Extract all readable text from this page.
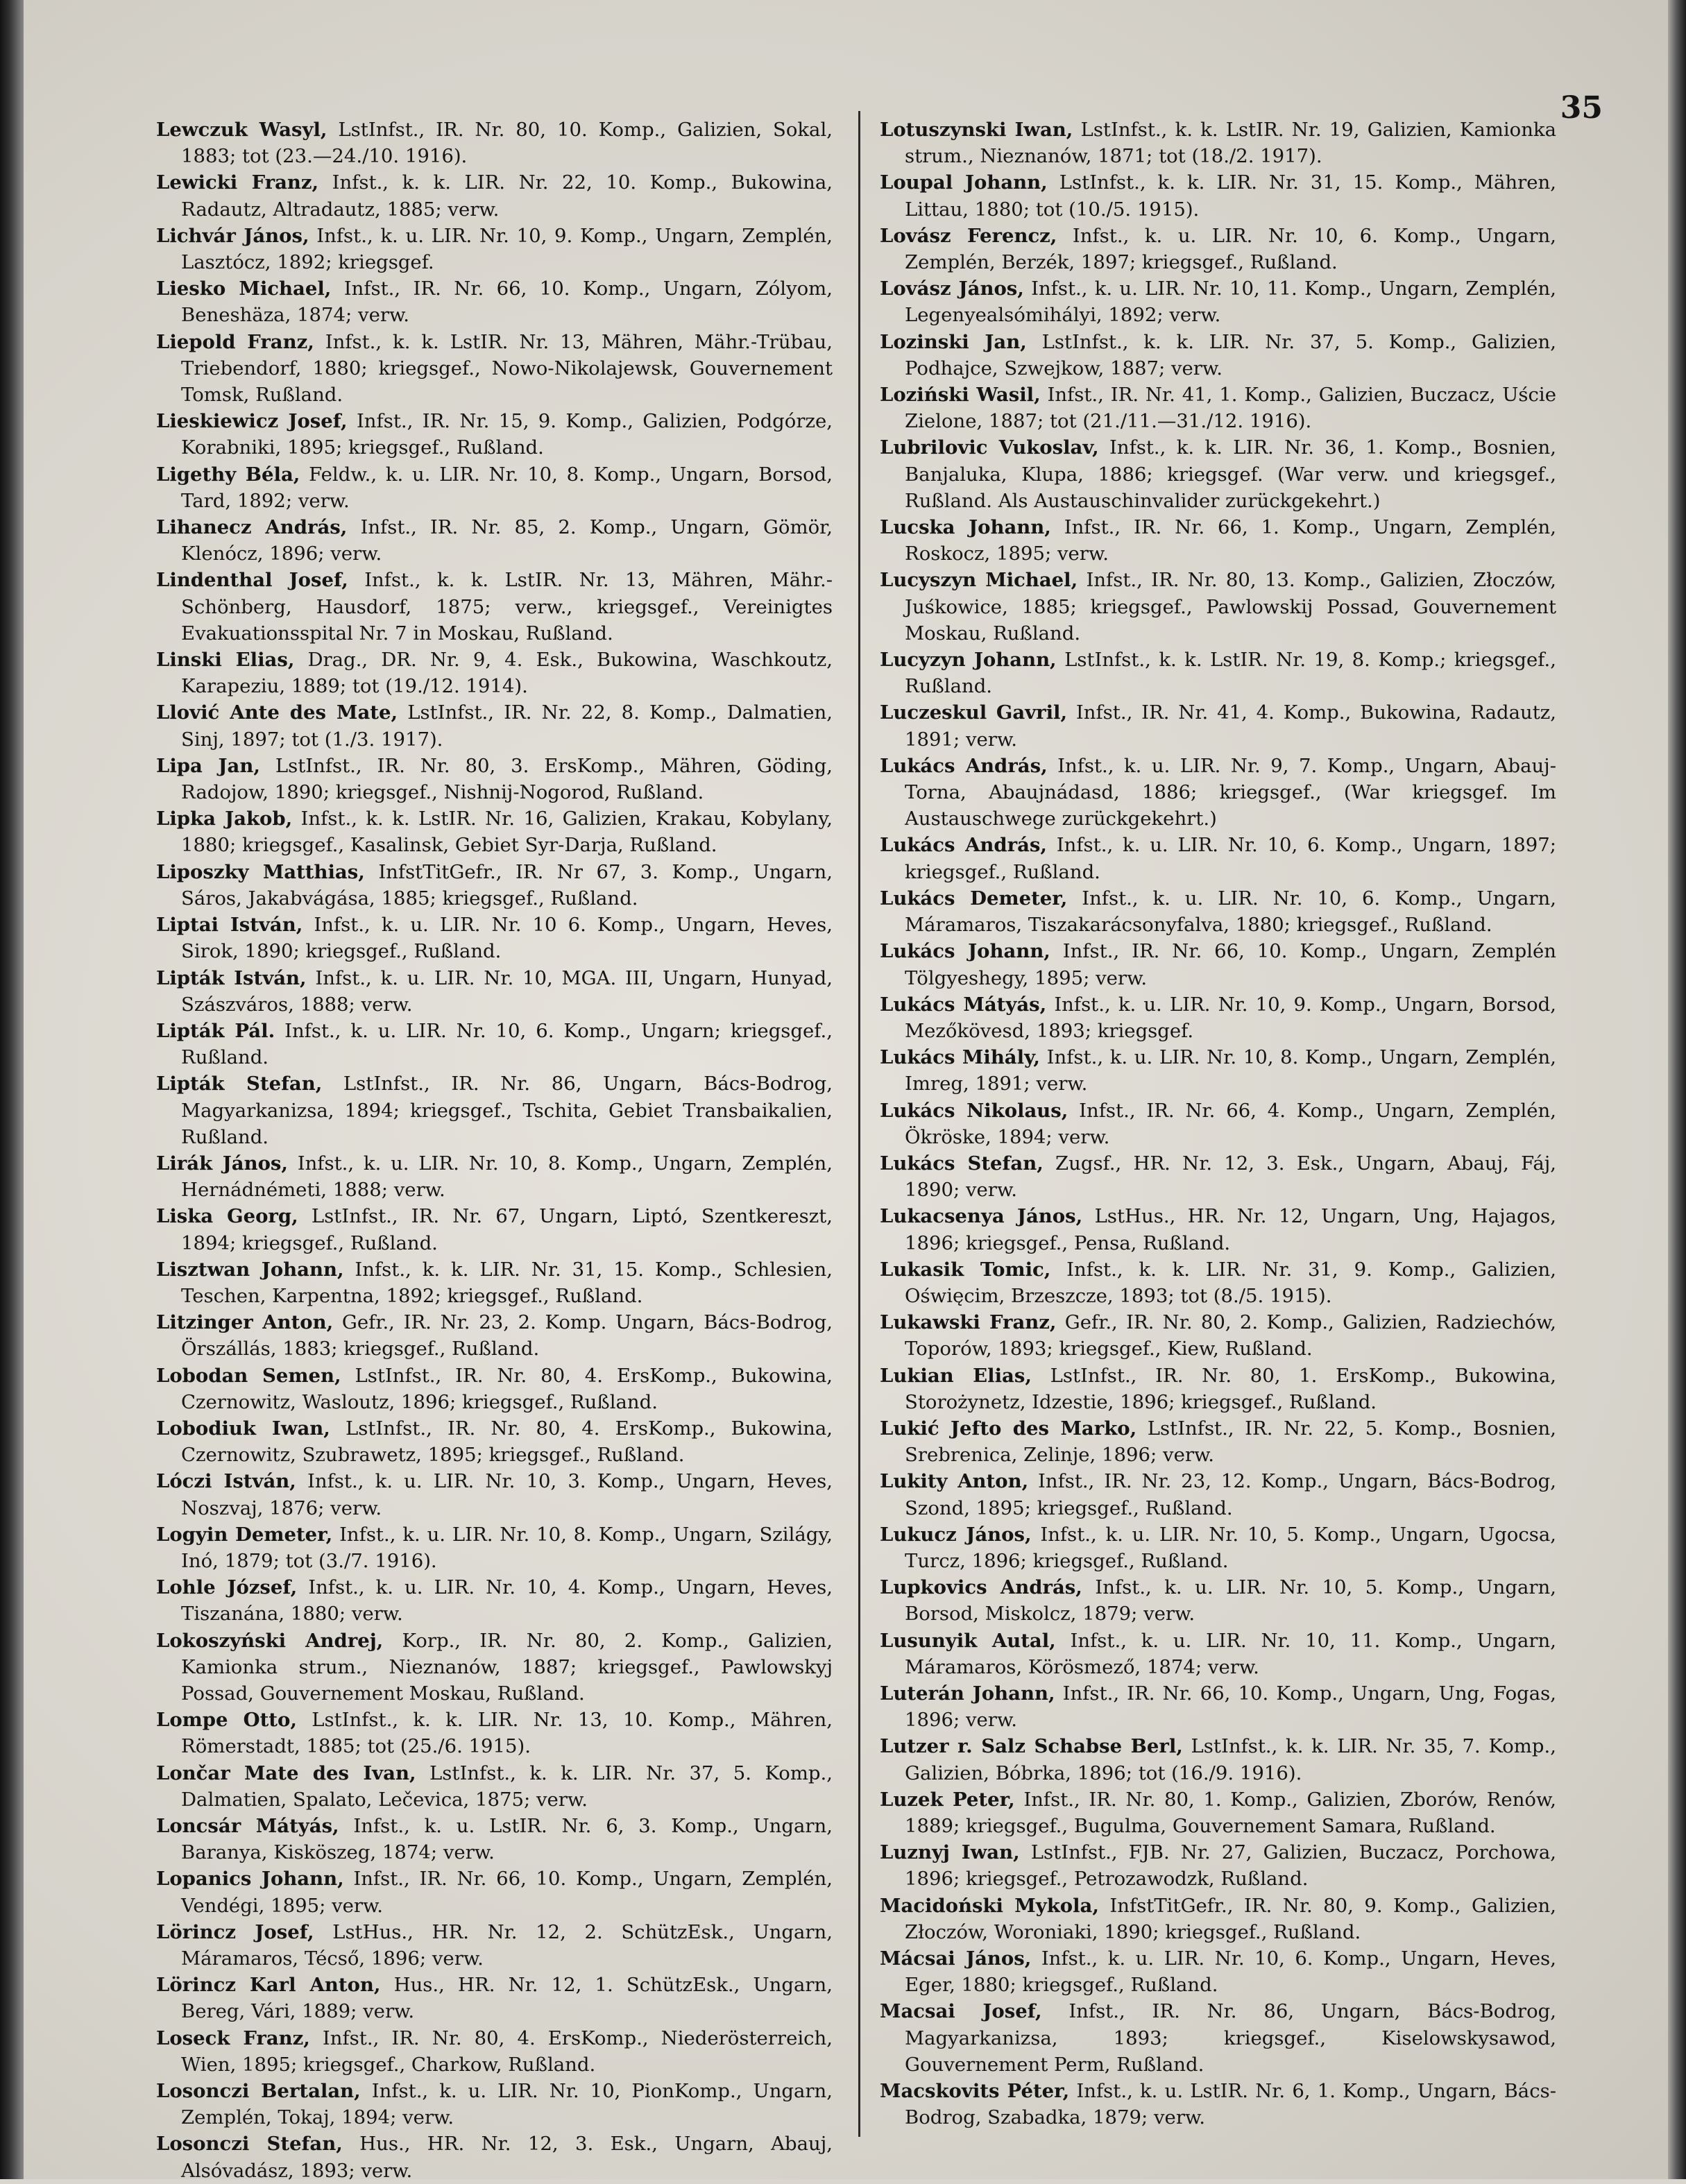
35

Lewczuk Wasyl, LstInfst., IR. Nr. 80, 10. Komp., Galizien, Sokal, 1883; tot (23.—24./10. 1916).

Lewicki Franz, Infst., k. k. LIR. Nr. 22, 10. Komp., Bukowina, Radautz, Altradautz, 1885; verw.

Lichvár János, Infst., k. u. LIR. Nr. 10, 9. Komp., Ungarn, Zemplén, Lasztócz, 1892; kriegsgef.

Liesko Michael, Infst., IR. Nr. 66, 10. Komp., Ungarn, Zólyom, Beneshäza, 1874; verw.

Liepold Franz, Infst., k. k. LstIR. Nr. 13, Mähren, Mähr.-Trübau, Triebendorf, 1880; kriegsgef., Nowo-Nikolajewsk, Gouvernement Tomsk, Rußland.

Lieskiewicz Josef, Infst., IR. Nr. 15, 9. Komp., Galizien, Podgórze, Korabniki, 1895; kriegsgef., Rußland.

Ligethy Béla, Feldw., k. u. LIR. Nr. 10, 8. Komp., Ungarn, Borsod, Tard, 1892; verw.

Lihanecz András, Infst., IR. Nr. 85, 2. Komp., Ungarn, Gömör, Klenócz, 1896; verw.

Lindenthal Josef, Infst., k. k. LstIR. Nr. 13, Mähren, Mähr.-Schönberg, Hausdorf, 1875; verw., kriegsgef., Vereinigtes Evakuationsspital Nr. 7 in Moskau, Rußland.

Linski Elias, Drag., DR. Nr. 9, 4. Esk., Bukowina, Waschkoutz, Karapeziu, 1889; tot (19./12. 1914).

Llović Ante des Mate, LstInfst., IR. Nr. 22, 8. Komp., Dalmatien, Sinj, 1897; tot (1./3. 1917).

Lipa Jan, LstInfst., IR. Nr. 80, 3. ErsKomp., Mähren, Göding, Radojow, 1890; kriegsgef., Nishnij-Nogorod, Rußland.

Lipka Jakob, Infst., k. k. LstIR. Nr. 16, Galizien, Krakau, Kobylany, 1880; kriegsgef., Kasalinsk, Gebiet Syr-Darja, Rußland.

Liposzky Matthias, InfstTitGefr., IR. Nr 67, 3. Komp., Ungarn, Sáros, Jakabvágása, 1885; kriegsgef., Rußland.

Liptai István, Infst., k. u. LIR. Nr. 10 6. Komp., Ungarn, Heves, Sirok, 1890; kriegsgef., Rußland.

Lipták István, Infst., k. u. LIR. Nr. 10, MGA. III, Ungarn, Hunyad, Szászváros, 1888; verw.

Lipták Pál. Infst., k. u. LIR. Nr. 10, 6. Komp., Ungarn; kriegsgef., Rußland.

Lipták Stefan, LstInfst., IR. Nr. 86, Ungarn, Bács-Bodrog, Magyarkanizsa, 1894; kriegsgef., Tschita, Gebiet Transbaikalien, Rußland.

Lirák János, Infst., k. u. LIR. Nr. 10, 8. Komp., Ungarn, Zemplén, Hernádnémeti, 1888; verw.

Liska Georg, LstInfst., IR. Nr. 67, Ungarn, Liptó, Szentkereszt, 1894; kriegsgef., Rußland.

Lisztwan Johann, Infst., k. k. LIR. Nr. 31, 15. Komp., Schlesien, Teschen, Karpentna, 1892; kriegsgef., Rußland.

Litzinger Anton, Gefr., IR. Nr. 23, 2. Komp. Ungarn, Bács-Bodrog, Örszállás, 1883; kriegsgef., Rußland.

Lobodan Semen, LstInfst., IR. Nr. 80, 4. ErsKomp., Bukowina, Czernowitz, Wasloutz, 1896; kriegsgef., Rußland.

Lobodiuk Iwan, LstInfst., IR. Nr. 80, 4. ErsKomp., Bukowina, Czernowitz, Szubrawetz, 1895; kriegsgef., Rußland.

Lóczi István, Infst., k. u. LIR. Nr. 10, 3. Komp., Ungarn, Heves, Noszvaj, 1876; verw.

Logyin Demeter, Infst., k. u. LIR. Nr. 10, 8. Komp., Ungarn, Szilágy, Inó, 1879; tot (3./7. 1916).

Lohle József, Infst., k. u. LIR. Nr. 10, 4. Komp., Ungarn, Heves, Tiszanána, 1880; verw.

Lokoszyński Andrej, Korp., IR. Nr. 80, 2. Komp., Galizien, Kamionka strum., Nieznanów, 1887; kriegsgef., Pawlowskyj Possad, Gouvernement Moskau, Rußland.

Lompe Otto, LstInfst., k. k. LIR. Nr. 13, 10. Komp., Mähren, Römerstadt, 1885; tot (25./6. 1915).

Lončar Mate des Ivan, LstInfst., k. k. LIR. Nr. 37, 5. Komp., Dalmatien, Spalato, Lečevica, 1875; verw.

Loncsár Mátyás, Infst., k. u. LstIR. Nr. 6, 3. Komp., Ungarn, Baranya, Kisköszeg, 1874; verw.

Lopanics Johann, Infst., IR. Nr. 66, 10. Komp., Ungarn, Zemplén, Vendégi, 1895; verw.

Lörincz Josef, LstHus., HR. Nr. 12, 2. SchützEsk., Ungarn, Máramaros, Técső, 1896; verw.

Lörincz Karl Anton, Hus., HR. Nr. 12, 1. SchützEsk., Ungarn, Bereg, Vári, 1889; verw.

Loseck Franz, Infst., IR. Nr. 80, 4. ErsKomp., Niederösterreich, Wien, 1895; kriegsgef., Charkow, Rußland.

Losonczi Bertalan, Infst., k. u. LIR. Nr. 10, PionKomp., Ungarn, Zemplén, Tokaj, 1894; verw.

Losonczi Stefan, Hus., HR. Nr. 12, 3. Esk., Ungarn, Abauj, Alsóvadász, 1893; verw.

Lotuszynski Iwan, LstInfst., k. k. LstIR. Nr. 19, Galizien, Kamionka strum., Nieznanów, 1871; tot (18./2. 1917).

Loupal Johann, LstInfst., k. k. LIR. Nr. 31, 15. Komp., Mähren, Littau, 1880; tot (10./5. 1915).

Lovász Ferencz, Infst., k. u. LIR. Nr. 10, 6. Komp., Ungarn, Zemplén, Berzék, 1897; kriegsgef., Rußland.

Lovász János, Infst., k. u. LIR. Nr. 10, 11. Komp., Ungarn, Zemplén, Legenyealsómihályi, 1892; verw.

Lozinski Jan, LstInfst., k. k. LIR. Nr. 37, 5. Komp., Galizien, Podhajce, Szwejkow, 1887; verw.

Loziński Wasil, Infst., IR. Nr. 41, 1. Komp., Galizien, Buczacz, Uście Zielone, 1887; tot (21./11.—31./12. 1916).

Lubrilovic Vukoslav, Infst., k. k. LIR. Nr. 36, 1. Komp., Bosnien, Banjaluka, Klupa, 1886; kriegsgef. (War verw. und kriegsgef., Rußland. Als Austauschinvalider zurückgekehrt.)

Lucska Johann, Infst., IR. Nr. 66, 1. Komp., Ungarn, Zemplén, Roskocz, 1895; verw.

Lucyszyn Michael, Infst., IR. Nr. 80, 13. Komp., Galizien, Złoczów, Juśkowice, 1885; kriegsgef., Pawlowskij Possad, Gouvernement Moskau, Rußland.

Lucyzyn Johann, LstInfst., k. k. LstIR. Nr. 19, 8. Komp.; kriegsgef., Rußland.

Luczeskul Gavril, Infst., IR. Nr. 41, 4. Komp., Bukowina, Radautz, 1891; verw.

Lukács András, Infst., k. u. LIR. Nr. 9, 7. Komp., Ungarn, Abauj-Torna, Abaujnádasd, 1886; kriegsgef., (War kriegsgef. Im Austauschwege zurückgekehrt.)

Lukács András, Infst., k. u. LIR. Nr. 10, 6. Komp., Ungarn, 1897; kriegsgef., Rußland.

Lukács Demeter, Infst., k. u. LIR. Nr. 10, 6. Komp., Ungarn, Máramaros, Tiszakarácsonyfalva, 1880; kriegsgef., Rußland.

Lukács Johann, Infst., IR. Nr. 66, 10. Komp., Ungarn, Zemplén Tölgyeshegy, 1895; verw.

Lukács Mátyás, Infst., k. u. LIR. Nr. 10, 9. Komp., Ungarn, Borsod, Mezőkövesd, 1893; kriegsgef.

Lukács Mihály, Infst., k. u. LIR. Nr. 10, 8. Komp., Ungarn, Zemplén, Imreg, 1891; verw.

Lukács Nikolaus, Infst., IR. Nr. 66, 4. Komp., Ungarn, Zemplén, Ökröske, 1894; verw.

Lukács Stefan, Zugsf., HR. Nr. 12, 3. Esk., Ungarn, Abauj, Fáj, 1890; verw.

Lukacsenya János, LstHus., HR. Nr. 12, Ungarn, Ung, Hajagos, 1896; kriegsgef., Pensa, Rußland.

Lukasik Tomic, Infst., k. k. LIR. Nr. 31, 9. Komp., Galizien, Oświęcim, Brzeszcze, 1893; tot (8./5. 1915).

Lukawski Franz, Gefr., IR. Nr. 80, 2. Komp., Galizien, Radziechów, Toporów, 1893; kriegsgef., Kiew, Rußland.

Lukian Elias, LstInfst., IR. Nr. 80, 1. ErsKomp., Bukowina, Storożynetz, Idzestie, 1896; kriegsgef., Rußland.

Lukić Jefto des Marko, LstInfst., IR. Nr. 22, 5. Komp., Bosnien, Srebrenica, Zelinje, 1896; verw.

Lukity Anton, Infst., IR. Nr. 23, 12. Komp., Ungarn, Bács-Bodrog, Szond, 1895; kriegsgef., Rußland.

Lukucz János, Infst., k. u. LIR. Nr. 10, 5. Komp., Ungarn, Ugocsa, Turcz, 1896; kriegsgef., Rußland.

Lupkovics András, Infst., k. u. LIR. Nr. 10, 5. Komp., Ungarn, Borsod, Miskolcz, 1879; verw.

Lusunyik Autal, Infst., k. u. LIR. Nr. 10, 11. Komp., Ungarn, Máramaros, Körösmező, 1874; verw.

Luterán Johann, Infst., IR. Nr. 66, 10. Komp., Ungarn, Ung, Fogas, 1896; verw.

Lutzer r. Salz Schabse Berl, LstInfst., k. k. LIR. Nr. 35, 7. Komp., Galizien, Bóbrka, 1896; tot (16./9. 1916).

Luzek Peter, Infst., IR. Nr. 80, 1. Komp., Galizien, Zborów, Renów, 1889; kriegsgef., Bugulma, Gouvernement Samara, Rußland.

Luznyj Iwan, LstInfst., FJB. Nr. 27, Galizien, Buczacz, Porchowa, 1896; kriegsgef., Petrozawodzk, Rußland.

Macidoński Mykola, InfstTitGefr., IR. Nr. 80, 9. Komp., Galizien, Złoczów, Woroniaki, 1890; kriegsgef., Rußland.

Mácsai János, Infst., k. u. LIR. Nr. 10, 6. Komp., Ungarn, Heves, Eger, 1880; kriegsgef., Rußland.

Macsai Josef, Infst., IR. Nr. 86, Ungarn, Bács-Bodrog, Magyarkanizsa, 1893; kriegsgef., Kiselowskysawod, Gouvernement Perm, Rußland.

Macskovits Péter, Infst., k. u. LstIR. Nr. 6, 1. Komp., Ungarn, Bács-Bodrog, Szabadka, 1879; verw.
